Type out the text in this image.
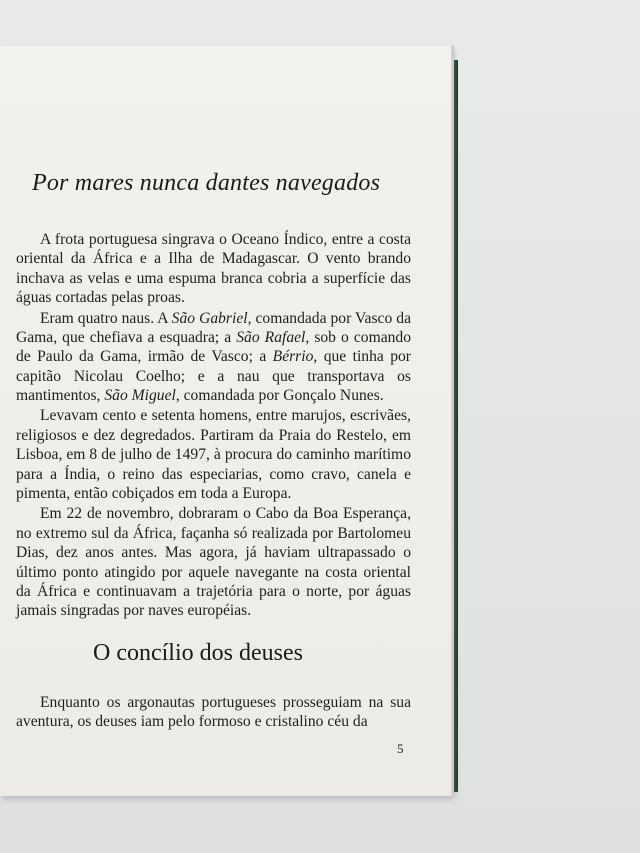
Por mares nunca dantes navegados

A frota portuguesa singrava o Oceano Índico, entre a costa oriental da África e a Ilha de Madagascar. O vento brando inchava as velas e uma espuma branca cobria a superfície das águas cortadas pelas proas.

Eram quatro naus. A São Gabriel, comandada por Vasco da Gama, que chefiava a esquadra; a São Rafael, sob o comando de Paulo da Gama, irmão de Vasco; a Bérrio, que tinha por capitão Nicolau Coelho; e a nau que transportava os mantimentos, São Miguel, comandada por Gonçalo Nunes.

Levavam cento e setenta homens, entre marujos, escrivães, religiosos e dez degredados. Partiram da Praia do Restelo, em Lisboa, em 8 de julho de 1497, à procura do caminho marítimo para a Índia, o reino das especiarias, como cravo, canela e pimenta, então cobiçados em toda a Europa.

Em 22 de novembro, dobraram o Cabo da Boa Esperança, no extremo sul da África, façanha só realizada por Bartolomeu Dias, dez anos antes. Mas agora, já haviam ultrapassado o último ponto atingido por aquele navegante na costa oriental da África e continuavam a trajetória para o norte, por águas jamais singradas por naves européias.

O concílio dos deuses

Enquanto os argonautas portugueses prosseguiam na sua aventura, os deuses iam pelo formoso e cristalino céu da

5
